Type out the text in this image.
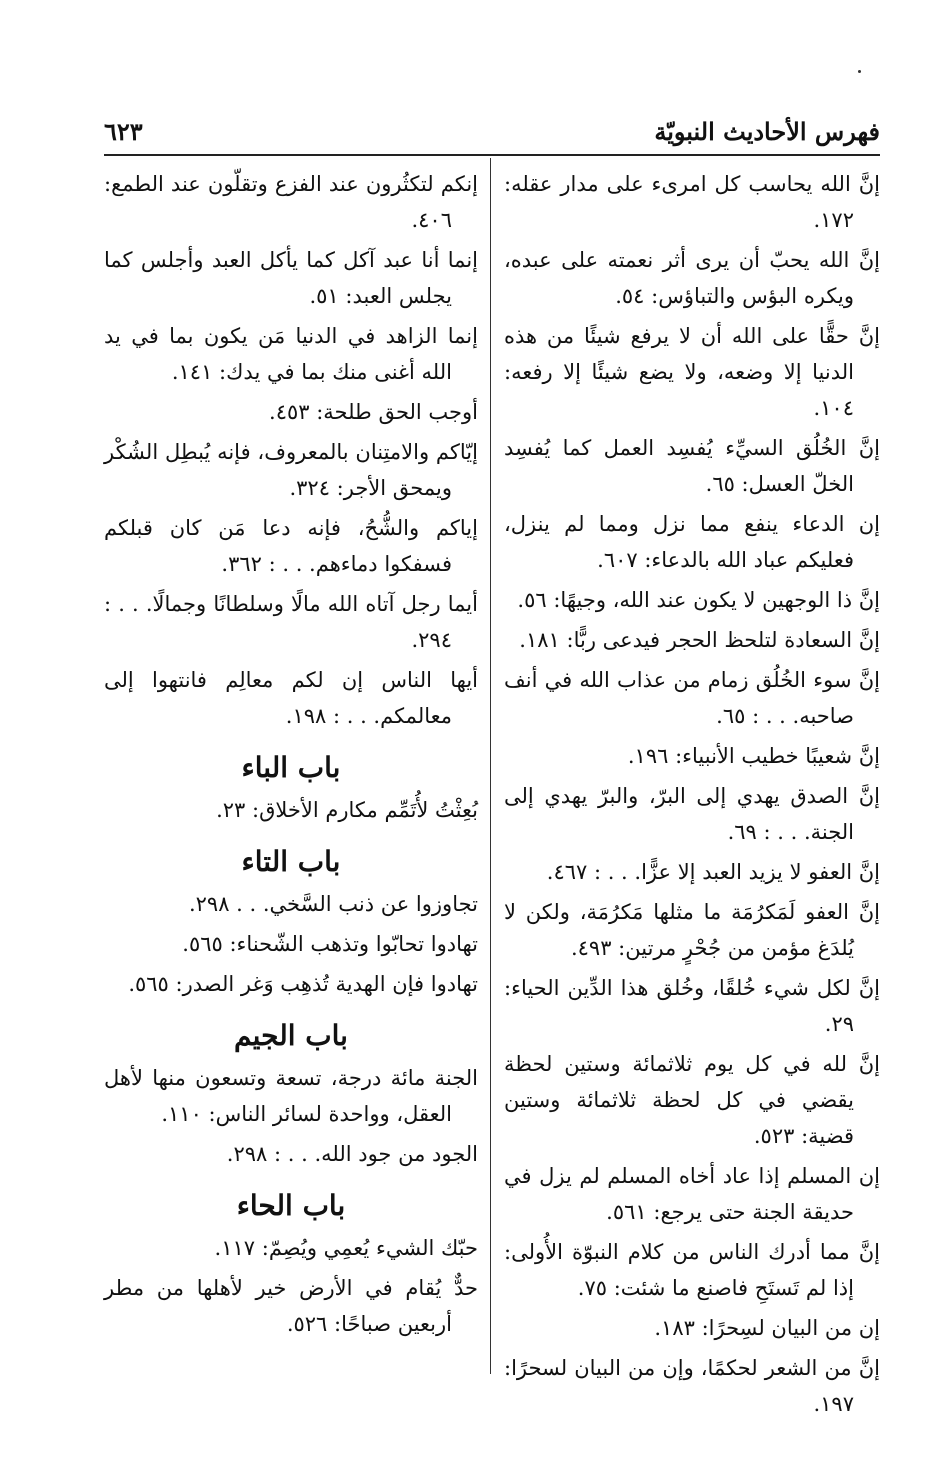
فهرس الأحاديث النبويّة
٦٢٣

إنَّ الله يحاسب كل امرىء على مدار عقله: ١٧٢.

إنَّ الله يحبّ أن يرى أثر نعمته على عبده، ويكره البؤس والتباؤس: ٥٤.

إنَّ حقًّا على الله أن لا يرفع شيئًا من هذه الدنيا إلا وضعه، ولا يضع شيئًا إلا رفعه: ١٠٤.

إنَّ الخُلُق السيِّء يُفسِد العمل كما يُفسِد الخلّ العسل: ٦٥.

إن الدعاء ينفع مما نزل ومما لم ينزل، فعليكم عباد الله بالدعاء: ٦٠٧.

إنَّ ذا الوجهين لا يكون عند الله، وجيهًا: ٥٦.

إنَّ السعادة لتلحظ الحجر فيدعى ربًّا: ١٨١.

إنَّ سوء الخُلُق زمام من عذاب الله في أنف صاحبه. . . : ٦٥.

إنَّ شعيبًا خطيب الأنبياء: ١٩٦.

إنَّ الصدق يهدي إلى البرّ، والبرّ يهدي إلى الجنة. . . : ٦٩.

إنَّ العفو لا يزيد العبد إلا عزًّا. . . : ٤٦٧.

إنَّ العفو لَمَكرُمَة ما مثلها مَكرُمَة، ولكن لا يُلدَغ مؤمن من جُحْرٍ مرتين: ٤٩٣.

إنَّ لكل شيء خُلقًا، وخُلق هذا الدِّين الحياء: ٢٩.

إنَّ لله في كل يوم ثلاثمائة وستين لحظة يقضي في كل لحظة ثلاثمائة وستين قضية: ٥٢٣.

إن المسلم إذا عاد أخاه المسلم لم يزل في حديقة الجنة حتى يرجع: ٥٦١.

إنَّ مما أدرك الناس من كلام النبوّة الأُولى: إذا لم تَستَحِ فاصنع ما شئت: ٧٥.

إن من البيان لسِحرًا: ١٨٣.

إنَّ من الشعر لحكمًا، وإن من البيان لسحرًا: ١٩٧.

إنكم لتكثُرون عند الفزع وتقلّون عند الطمع: ٤٠٦.

إنما أنا عبد آكل كما يأكل العبد وأجلس كما يجلس العبد: ٥١.

إنما الزاهد في الدنيا مَن يكون بما في يد الله أغنى منك بما في يدك: ١٤١.

أوجب الحق طلحة: ٤٥٣.

إيّاكم والامتِنان بالمعروف، فإنه يُبطِل الشُكْر ويمحق الأجر: ٣٢٤.

إياكم والشُّحُ، فإنه دعا مَن كان قبلكم فسفكوا دماءهم. . . : ٣٦٢.

أيما رجل آتاه الله مالًا وسلطانًا وجمالًا. . . : ٢٩٤.

أيها الناس إن لكم معالِم فانتهوا إلى معالمكم. . . : ١٩٨.

باب الباء

بُعِثْتُ لأُتَمِّم مكارم الأخلاق: ٢٣.

باب التاء

تجاوزوا عن ذنب السَّخي. . . ٢٩٨.

تهادوا تحابّوا وتذهب الشّحناء: ٥٦٥.

تهادوا فإن الهدية تُذهِب وَغر الصدر: ٥٦٥.

باب الجيم

الجنة مائة درجة، تسعة وتسعون منها لأهل العقل، وواحدة لسائر الناس: ١١٠.

الجود من جود الله. . . : ٢٩٨.

باب الحاء

حبّك الشيء يُعمِي ويُصِمّ: ١١٧.

حدٌّ يُقام في الأرض خير لأهلها من مطر أربعين صباحًا: ٥٢٦.
